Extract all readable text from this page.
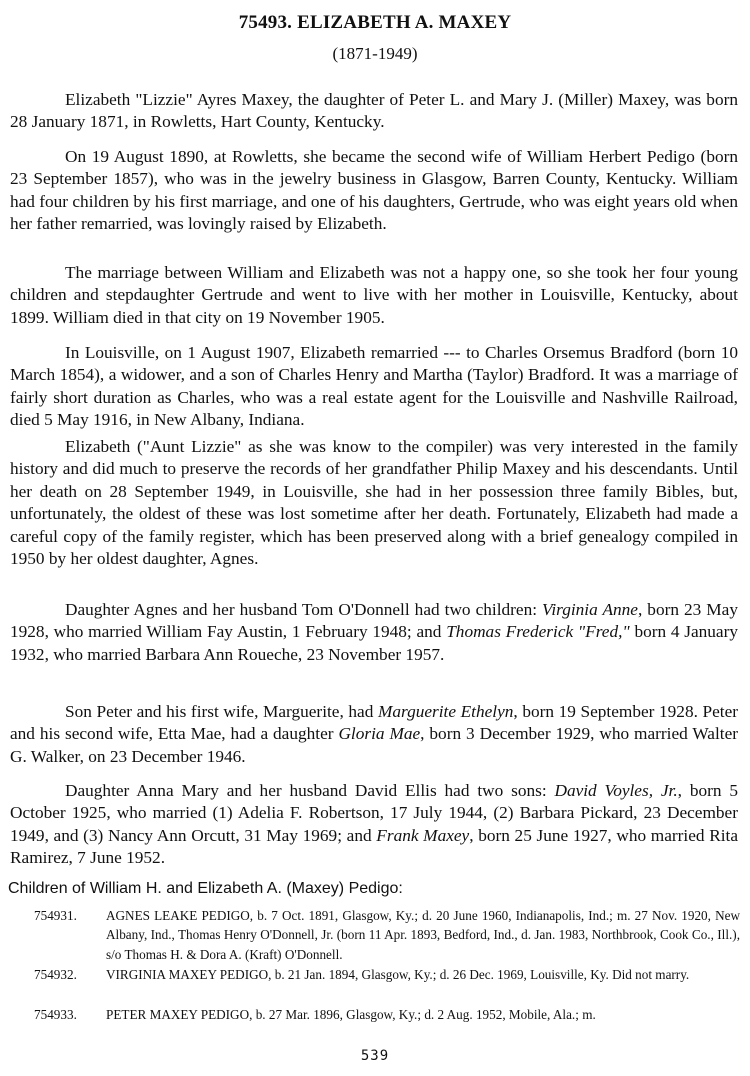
75493. ELIZABETH A. MAXEY
(1871-1949)

Elizabeth "Lizzie" Ayres Maxey, the daughter of Peter L. and Mary J. (Miller) Maxey, was born 28 January 1871, in Rowletts, Hart County, Kentucky.

On 19 August 1890, at Rowletts, she became the second wife of William Herbert Pedigo (born 23 September 1857), who was in the jewelry business in Glasgow, Barren County, Kentucky. William had four children by his first marriage, and one of his daughters, Gertrude, who was eight years old when her father remarried, was lovingly raised by Elizabeth.

The marriage between William and Elizabeth was not a happy one, so she took her four young children and stepdaughter Gertrude and went to live with her mother in Louisville, Kentucky, about 1899. William died in that city on 19 November 1905.

In Louisville, on 1 August 1907, Elizabeth remarried --- to Charles Orsemus Bradford (born 10 March 1854), a widower, and a son of Charles Henry and Martha (Taylor) Bradford. It was a marriage of fairly short duration as Charles, who was a real estate agent for the Louisville and Nashville Railroad, died 5 May 1916, in New Albany, Indiana.

Elizabeth ("Aunt Lizzie" as she was know to the compiler) was very interested in the family history and did much to preserve the records of her grandfather Philip Maxey and his descendants. Until her death on 28 September 1949, in Louisville, she had in her possession three family Bibles, but, unfortunately, the oldest of these was lost sometime after her death. Fortunately, Elizabeth had made a careful copy of the family register, which has been preserved along with a brief genealogy compiled in 1950 by her oldest daughter, Agnes.

Daughter Agnes and her husband Tom O'Donnell had two children: Virginia Anne, born 23 May 1928, who married William Fay Austin, 1 February 1948; and Thomas Frederick "Fred," born 4 January 1932, who married Barbara Ann Roueche, 23 November 1957.

Son Peter and his first wife, Marguerite, had Marguerite Ethelyn, born 19 September 1928. Peter and his second wife, Etta Mae, had a daughter Gloria Mae, born 3 December 1929, who married Walter G. Walker, on 23 December 1946.

Daughter Anna Mary and her husband David Ellis had two sons: David Voyles, Jr., born 5 October 1925, who married (1) Adelia F. Robertson, 17 July 1944, (2) Barbara Pickard, 23 December 1949, and (3) Nancy Ann Orcutt, 31 May 1969; and Frank Maxey, born 25 June 1927, who married Rita Ramirez, 7 June 1952.

Children of William H. and Elizabeth A. (Maxey) Pedigo:

754931.	AGNES LEAKE PEDIGO, b. 7 Oct. 1891, Glasgow, Ky.; d. 20 June 1960, Indianapolis, Ind.; m. 27 Nov. 1920, New Albany, Ind., Thomas Henry O'Donnell, Jr. (born 11 Apr. 1893, Bedford, Ind., d. Jan. 1983, Northbrook, Cook Co., Ill.), s/o Thomas H. & Dora A. (Kraft) O'Donnell.
754932.	VIRGINIA MAXEY PEDIGO, b. 21 Jan. 1894, Glasgow, Ky.; d. 26 Dec. 1969, Louisville, Ky. Did not marry.
754933.	PETER MAXEY PEDIGO, b. 27 Mar. 1896, Glasgow, Ky.; d. 2 Aug. 1952, Mobile, Ala.; m.
539
